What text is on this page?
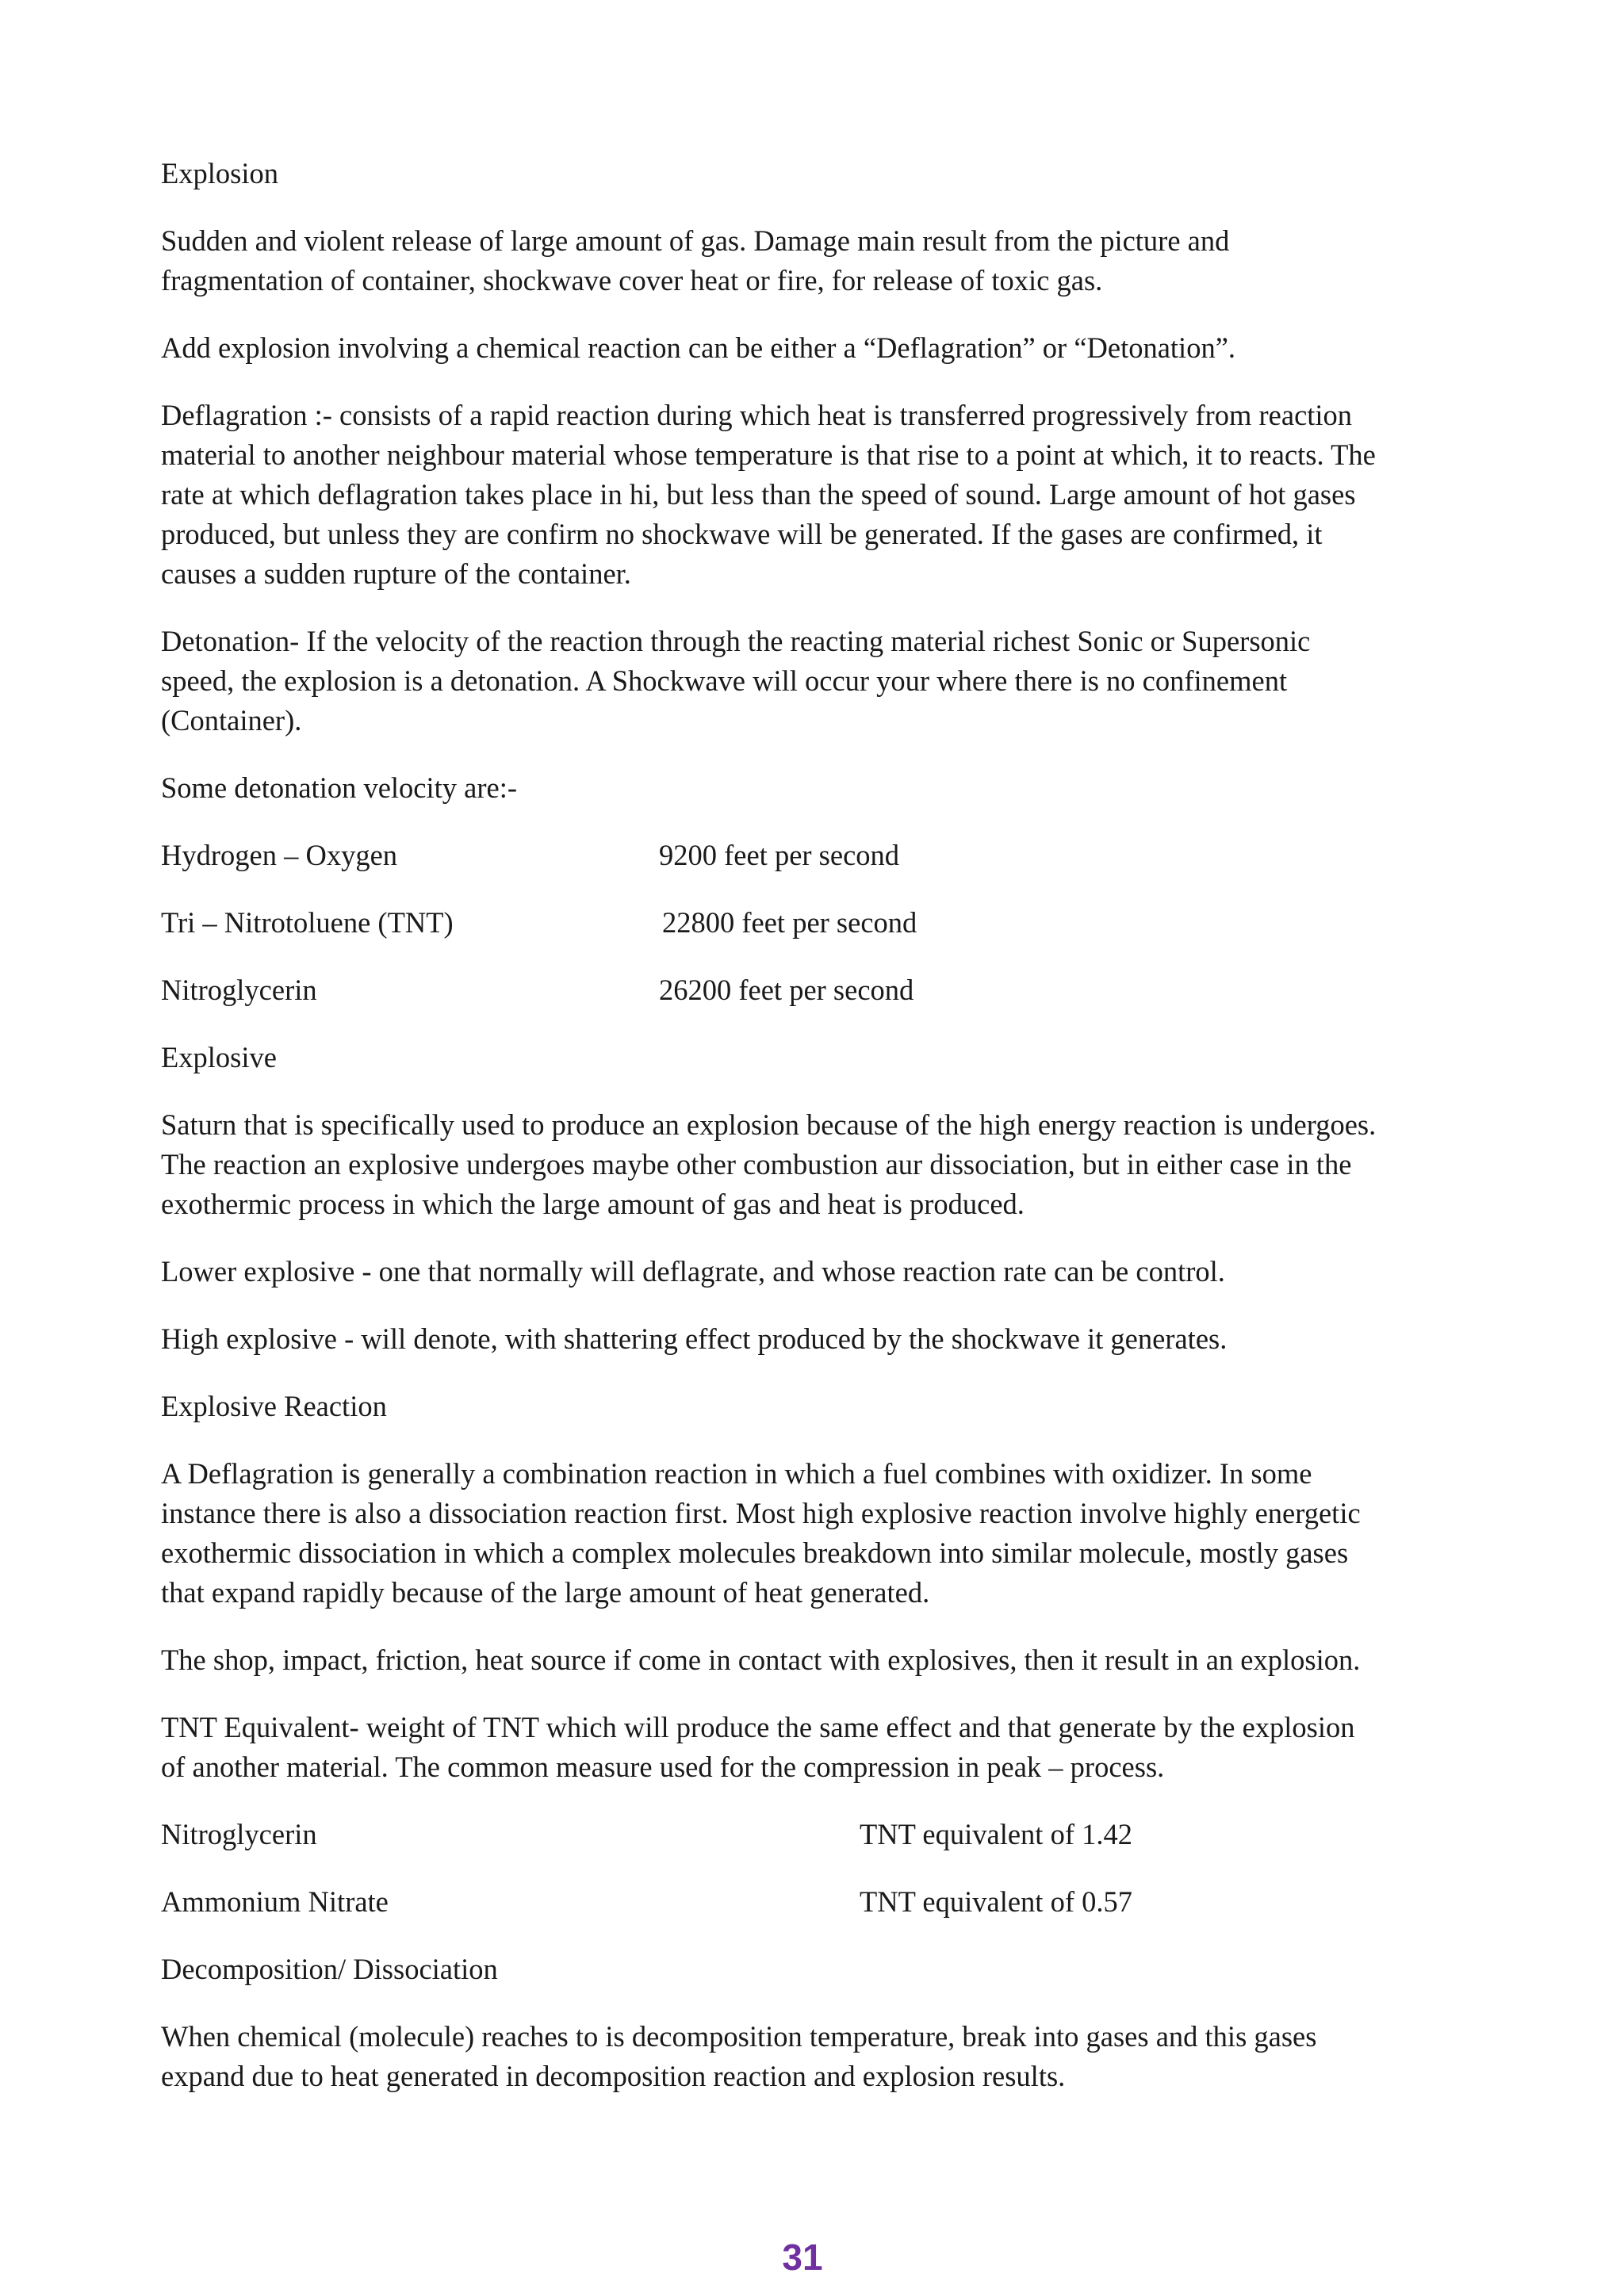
Explosion

Sudden and violent release of large amount of gas. Damage main result from the picture and
fragmentation of container, shockwave cover heat or fire, for release of toxic gas.

Add explosion involving a chemical reaction can be either a “Deflagration” or “Detonation”.

Deflagration :- consists of a rapid reaction during which heat is transferred progressively from reaction
material to another neighbour material whose temperature is that rise to a point at which, it to reacts. The
rate at which deflagration takes place in hi, but less than the speed of sound. Large amount of hot gases
produced, but unless they are confirm no shockwave will be generated. If the gases are confirmed, it
causes a sudden rupture of the container.

Detonation- If the velocity of the reaction through the reacting material richest Sonic or Supersonic
speed, the explosion is a detonation. A Shockwave will occur your where there is no confinement
(Container).

Some detonation velocity are:-

Hydrogen – Oxygen	9200 feet per second
Tri – Nitrotoluene (TNT)	22800 feet per second
Nitroglycerin	26200 feet per second

Explosive

Saturn that is specifically used to produce an explosion because of the high energy reaction is undergoes.
The reaction an explosive undergoes maybe other combustion aur dissociation, but in either case in the
exothermic process in which the large amount of gas and heat is produced.

Lower explosive - one that normally will deflagrate, and whose reaction rate can be control.

High explosive - will denote, with shattering effect produced by the shockwave it generates.

Explosive Reaction

A Deflagration is generally a combination reaction in which a fuel combines with oxidizer. In some
instance there is also a dissociation reaction first. Most high explosive reaction involve highly energetic
exothermic dissociation in which a complex molecules breakdown into similar molecule, mostly gases
that expand rapidly because of the large amount of heat generated.

The shop, impact, friction, heat source if come in contact with explosives, then it result in an explosion.

TNT Equivalent- weight of TNT which will produce the same effect and that generate by the explosion
of another material. The common measure used for the compression in peak – process.

Nitroglycerin	TNT equivalent of 1.42
Ammonium Nitrate	TNT equivalent of 0.57

Decomposition/ Dissociation

When chemical (molecule) reaches to is decomposition temperature, break into gases and this gases
expand due to heat generated in decomposition reaction and explosion results.

31
